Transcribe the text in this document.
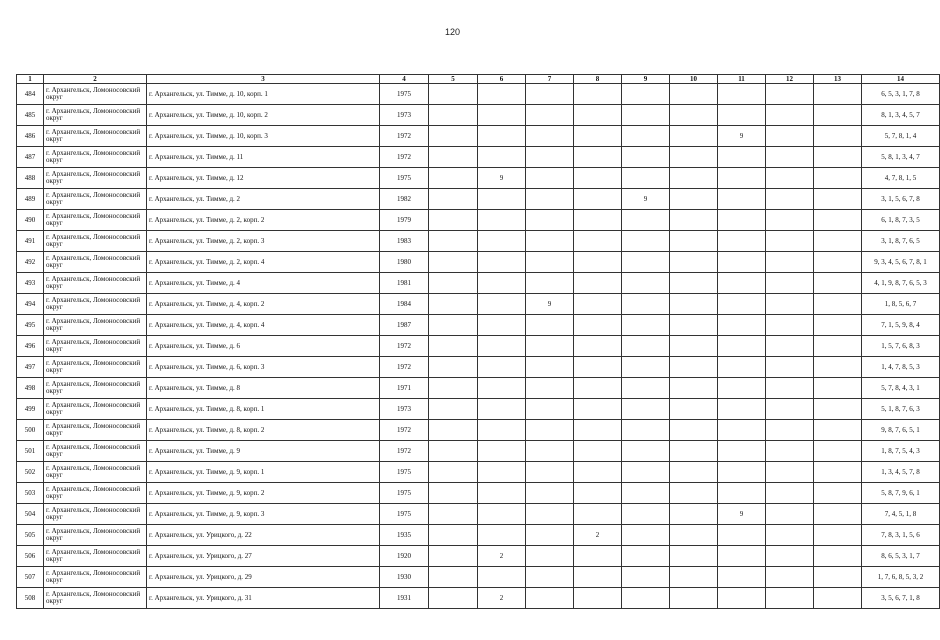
120
1	2	3	4	5	6	7	8	9	10	11	12	13	14
484	г. Архангельск, Ломоносовский округ	г. Архангельск, ул. Тимме, д. 10, корп. 1	1975										6, 5, 3, 1, 7, 8
485	г. Архангельск, Ломоносовский округ	г. Архангельск, ул. Тимме, д. 10, корп. 2	1973										8, 1, 3, 4, 5, 7
486	г. Архангельск, Ломоносовский округ	г. Архангельск, ул. Тимме, д. 10, корп. 3	1972							9			5, 7, 8, 1, 4
487	г. Архангельск, Ломоносовский округ	г. Архангельск, ул. Тимме, д. 11	1972										5, 8, 1, 3, 4, 7
488	г. Архангельск, Ломоносовский округ	г. Архангельск, ул. Тимме, д. 12	1975		9								4, 7, 8, 1, 5
489	г. Архангельск, Ломоносовский округ	г. Архангельск, ул. Тимме, д. 2	1982					9					3, 1, 5, 6, 7, 8
490	г. Архангельск, Ломоносовский округ	г. Архангельск, ул. Тимме, д. 2, корп. 2	1979										6, 1, 8, 7, 3, 5
491	г. Архангельск, Ломоносовский округ	г. Архангельск, ул. Тимме, д. 2, корп. 3	1983										3, 1, 8, 7, 6, 5
492	г. Архангельск, Ломоносовский округ	г. Архангельск, ул. Тимме, д. 2, корп. 4	1980										9, 3, 4, 5, 6, 7, 8, 1
493	г. Архангельск, Ломоносовский округ	г. Архангельск, ул. Тимме, д. 4	1981										4, 1, 9, 8, 7, 6, 5, 3
494	г. Архангельск, Ломоносовский округ	г. Архангельск, ул. Тимме, д. 4, корп. 2	1984			9							1, 8, 5, 6, 7
495	г. Архангельск, Ломоносовский округ	г. Архангельск, ул. Тимме, д. 4, корп. 4	1987										7, 1, 5, 9, 8, 4
496	г. Архангельск, Ломоносовский округ	г. Архангельск, ул. Тимме, д. 6	1972										1, 5, 7, 6, 8, 3
497	г. Архангельск, Ломоносовский округ	г. Архангельск, ул. Тимме, д. 6, корп. 3	1972										1, 4, 7, 8, 5, 3
498	г. Архангельск, Ломоносовский округ	г. Архангельск, ул. Тимме, д. 8	1971										5, 7, 8, 4, 3, 1
499	г. Архангельск, Ломоносовский округ	г. Архангельск, ул. Тимме, д. 8, корп. 1	1973										5, 1, 8, 7, 6, 3
500	г. Архангельск, Ломоносовский округ	г. Архангельск, ул. Тимме, д. 8, корп. 2	1972										9, 8, 7, 6, 5, 1
501	г. Архангельск, Ломоносовский округ	г. Архангельск, ул. Тимме, д. 9	1972										1, 8, 7, 5, 4, 3
502	г. Архангельск, Ломоносовский округ	г. Архангельск, ул. Тимме, д. 9, корп. 1	1975										1, 3, 4, 5, 7, 8
503	г. Архангельск, Ломоносовский округ	г. Архангельск, ул. Тимме, д. 9, корп. 2	1975										5, 8, 7, 9, 6, 1
504	г. Архангельск, Ломоносовский округ	г. Архангельск, ул. Тимме, д. 9, корп. 3	1975							9			7, 4, 5, 1, 8
505	г. Архангельск, Ломоносовский округ	г. Архангельск, ул. Урицкого, д. 22	1935				2						7, 8, 3, 1, 5, 6
506	г. Архангельск, Ломоносовский округ	г. Архангельск, ул. Урицкого, д. 27	1920		2								8, 6, 5, 3, 1, 7
507	г. Архангельск, Ломоносовский округ	г. Архангельск, ул. Урицкого, д. 29	1930										1, 7, 6, 8, 5, 3, 2
508	г. Архангельск, Ломоносовский округ	г. Архангельск, ул. Урицкого, д. 31	1931		2								3, 5, 6, 7, 1, 8
